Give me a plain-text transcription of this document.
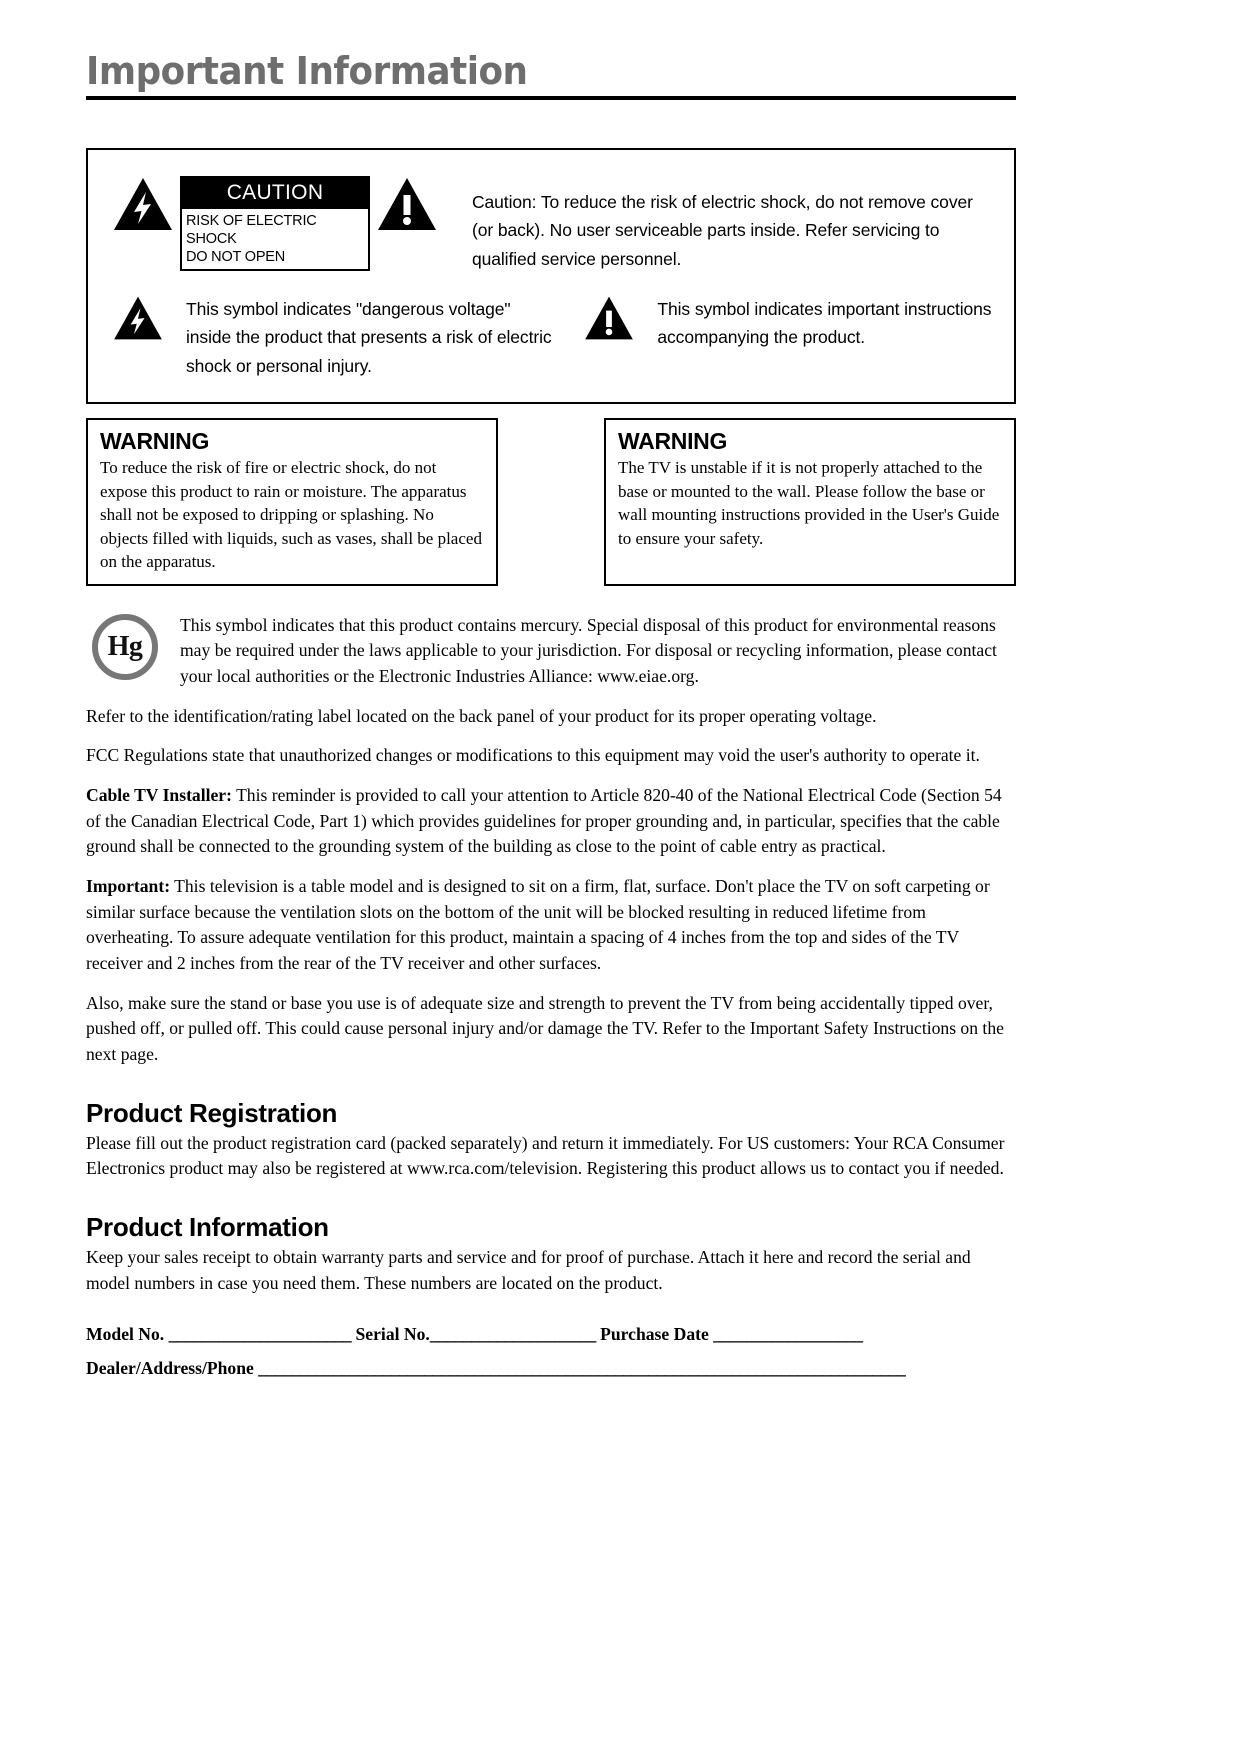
Important Information
CAUTION
RISK OF ELECTRIC SHOCK
DO NOT OPEN
Caution: To reduce the risk of electric shock, do not remove cover (or back). No user serviceable parts inside. Refer servicing to qualified service personnel.
This symbol indicates "dangerous voltage" inside the product that presents a risk of electric shock or personal injury.
This symbol indicates important instructions accompanying the product.
WARNING
To reduce the risk of fire or electric shock, do not expose this product to rain or moisture. The apparatus shall not be exposed to dripping or splashing. No objects filled with liquids, such as vases, shall be placed on the apparatus.
WARNING
The TV is unstable if it is not properly attached to the base or mounted to the wall. Please follow the base or wall mounting instructions provided in the User's Guide to ensure your safety.
Hg
This symbol indicates that this product contains mercury. Special disposal of this product for environmental reasons may be required under the laws applicable to your jurisdiction. For disposal or recycling information, please contact your local authorities or the Electronic Industries Alliance: www.eiae.org.
Refer to the identification/rating label located on the back panel of your product for its proper operating voltage.
FCC Regulations state that unauthorized changes or modifications to this equipment may void the user's authority to operate it.
Cable TV Installer: This reminder is provided to call your attention to Article 820-40 of the National Electrical Code (Section 54 of the Canadian Electrical Code, Part 1) which provides guidelines for proper grounding and, in particular, specifies that the cable ground shall be connected to the grounding system of the building as close to the point of cable entry as practical.
Important: This television is a table model and is designed to sit on a firm, flat, surface. Don't place the TV on soft carpeting or similar surface because the ventilation slots on the bottom of the unit will be blocked resulting in reduced lifetime from overheating. To assure adequate ventilation for this product, maintain a spacing of 4 inches from the top and sides of the TV receiver and 2 inches from the rear of the TV receiver and other surfaces.
Also, make sure the stand or base you use is of adequate size and strength to prevent the TV from being accidentally tipped over, pushed off, or pulled off. This could cause personal injury and/or damage the TV. Refer to the Important Safety Instructions on the next page.
Product Registration
Please fill out the product registration card (packed separately) and return it immediately. For US customers: Your RCA Consumer Electronics product may also be registered at www.rca.com/television. Registering this product allows us to contact you if needed.
Product Information
Keep your sales receipt to obtain warranty parts and service and for proof of purchase. Attach it here and record the serial and model numbers in case you need them. These numbers are located on the product.
Model No. ______________________ Serial No.____________________ Purchase Date __________________
Dealer/Address/Phone ______________________________________________________________________________
